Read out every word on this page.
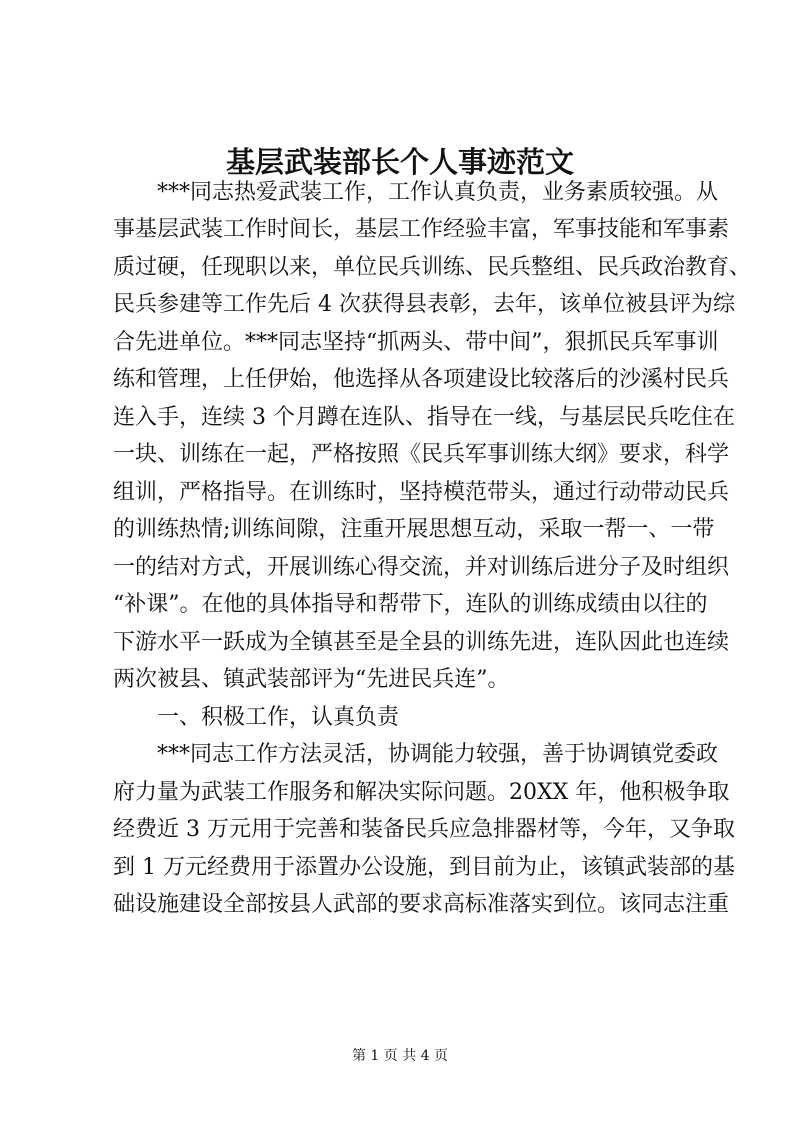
基层武装部长个人事迹范文
　　***同志热爱武装工作，工作认真负责，业务素质较强。从
事基层武装工作时间长，基层工作经验丰富，军事技能和军事素
质过硬，任现职以来，单位民兵训练、民兵整组、民兵政治教育、
民兵参建等工作先后 4 次获得县表彰，去年，该单位被县评为综
合先进单位。***同志坚持“抓两头、带中间”，狠抓民兵军事训
练和管理，上任伊始，他选择从各项建设比较落后的沙溪村民兵
连入手，连续 3 个月蹲在连队、指导在一线，与基层民兵吃住在
一块、训练在一起，严格按照《民兵军事训练大纲》要求，科学
组训，严格指导。在训练时，坚持模范带头，通过行动带动民兵
的训练热情;训练间隙，注重开展思想互动，采取一帮一、一带
一的结对方式，开展训练心得交流，并对训练后进分子及时组织
“补课”。在他的具体指导和帮带下，连队的训练成绩由以往的
下游水平一跃成为全镇甚至是全县的训练先进，连队因此也连续
两次被县、镇武装部评为“先进民兵连”。
　　一、积极工作，认真负责
　　***同志工作方法灵活，协调能力较强，善于协调镇党委政
府力量为武装工作服务和解决实际问题。20XX 年，他积极争取
经费近 3 万元用于完善和装备民兵应急排器材等，今年，又争取
到 1 万元经费用于添置办公设施，到目前为止，该镇武装部的基
础设施建设全部按县人武部的要求高标准落实到位。该同志注重
第 1 页 共 4 页
